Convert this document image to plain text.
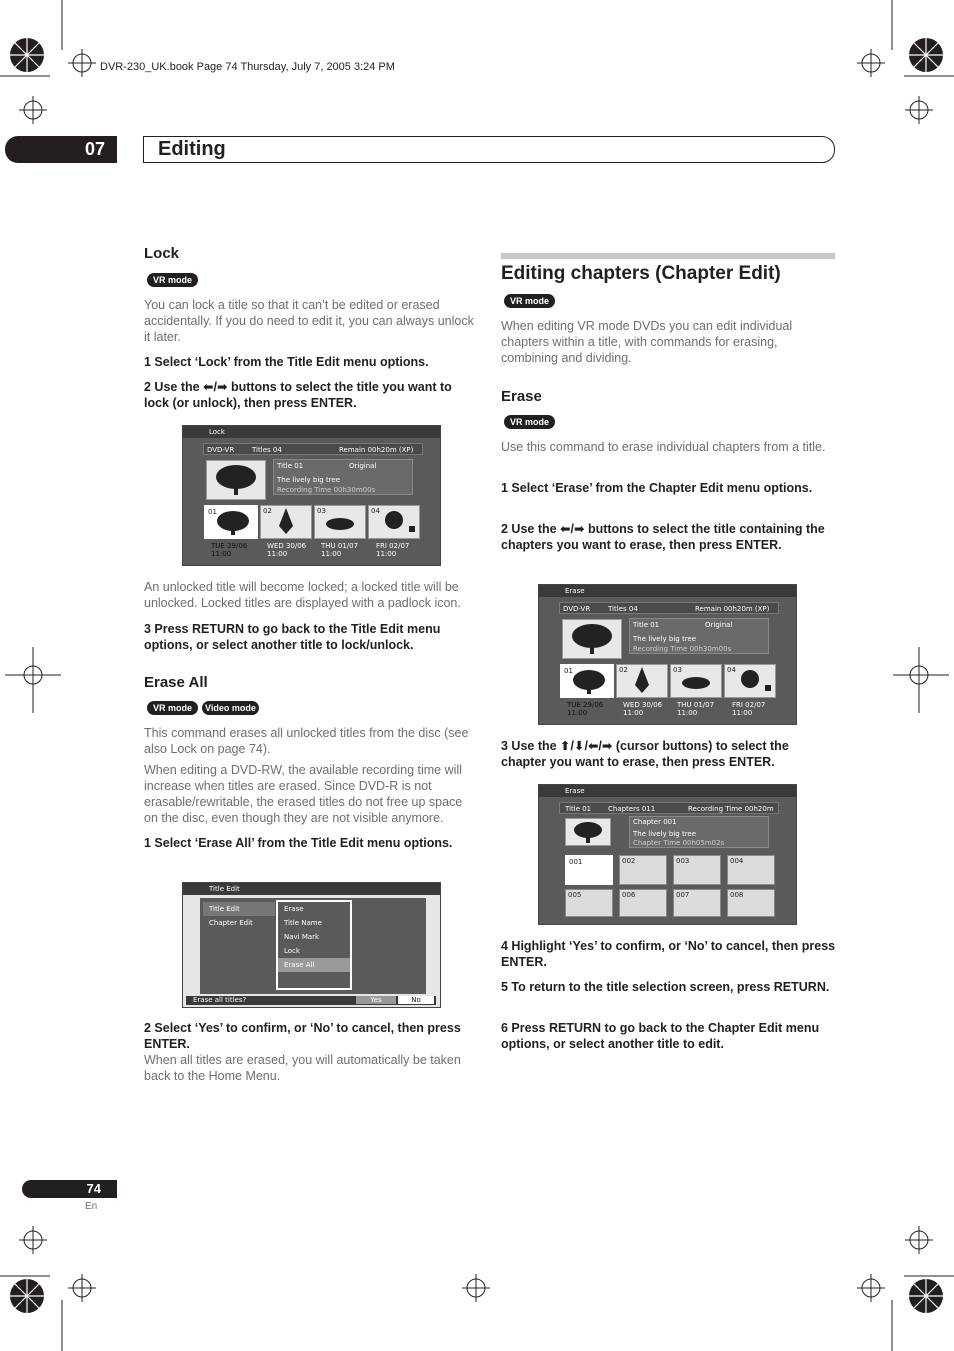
DVR-230_UK.book Page 74 Thursday, July 7, 2005 3:24 PM
07	Editing
Lock
VR mode

You can lock a title so that it can’t be edited or erased accidentally. If you do need to edit it, you can always unlock it later.

1 Select ‘Lock’ from the Title Edit menu options.

2 Use the ⬅/➡ buttons to select the title you want to lock (or unlock), then press ENTER.

Lock
DVD-VR	Titles 04	Remain 00h20m (XP)
Title 01	Original
The lively big tree
Recording Time 00h30m00s
01	02	03	04
TUE 29/06
11:00
WED 30/06
11:00
THU 01/07
11:00
FRI 02/07
11:00

An unlocked title will become locked; a locked title will be unlocked. Locked titles are displayed with a padlock icon.

3 Press RETURN to go back to the Title Edit menu options, or select another title to lock/unlock.

Erase All
VR mode	Video mode

This command erases all unlocked titles from the disc (see also Lock on page 74).

When editing a DVD-RW, the available recording time will increase when titles are erased. Since DVD-R is not erasable/rewritable, the erased titles do not free up space on the disc, even though they are not visible anymore.

1 Select ‘Erase All’ from the Title Edit menu options.

Title Edit
Title Edit
Chapter Edit
Erase
Title Name
Navi Mark
Lock
Erase All
Erase all titles?	Yes	No

2 Select ‘Yes’ to confirm, or ‘No’ to cancel, then press ENTER.

When all titles are erased, you will automatically be taken back to the Home Menu.

Editing chapters (Chapter Edit)
VR mode

When editing VR mode DVDs you can edit individual chapters within a title, with commands for erasing, combining and dividing.

Erase
VR mode

Use this command to erase individual chapters from a title.

1 Select ‘Erase’ from the Chapter Edit menu options.

2 Use the ⬅/➡ buttons to select the title containing the chapters you want to erase, then press ENTER.

Erase
DVD-VR	Titles 04	Remain 00h20m (XP)
Title 01	Original
The lively big tree
Recording Time 00h30m00s
01	02	03	04
TUE 29/06
11:00
WED 30/06
11:00
THU 01/07
11:00
FRI 02/07
11:00

3 Use the ⬆/⬇/⬅/➡ (cursor buttons) to select the chapter you want to erase, then press ENTER.

Erase
Title 01 Chapters 011	Recording Time 00h20m
Chapter 001
The lively big tree
Chapter Time 00h05m02s
001	002	003	004
005	006	007	008

4 Highlight ‘Yes’ to confirm, or ‘No’ to cancel, then press ENTER.

5 To return to the title selection screen, press RETURN.

6 Press RETURN to go back to the Chapter Edit menu options, or select another title to edit.

74
En
